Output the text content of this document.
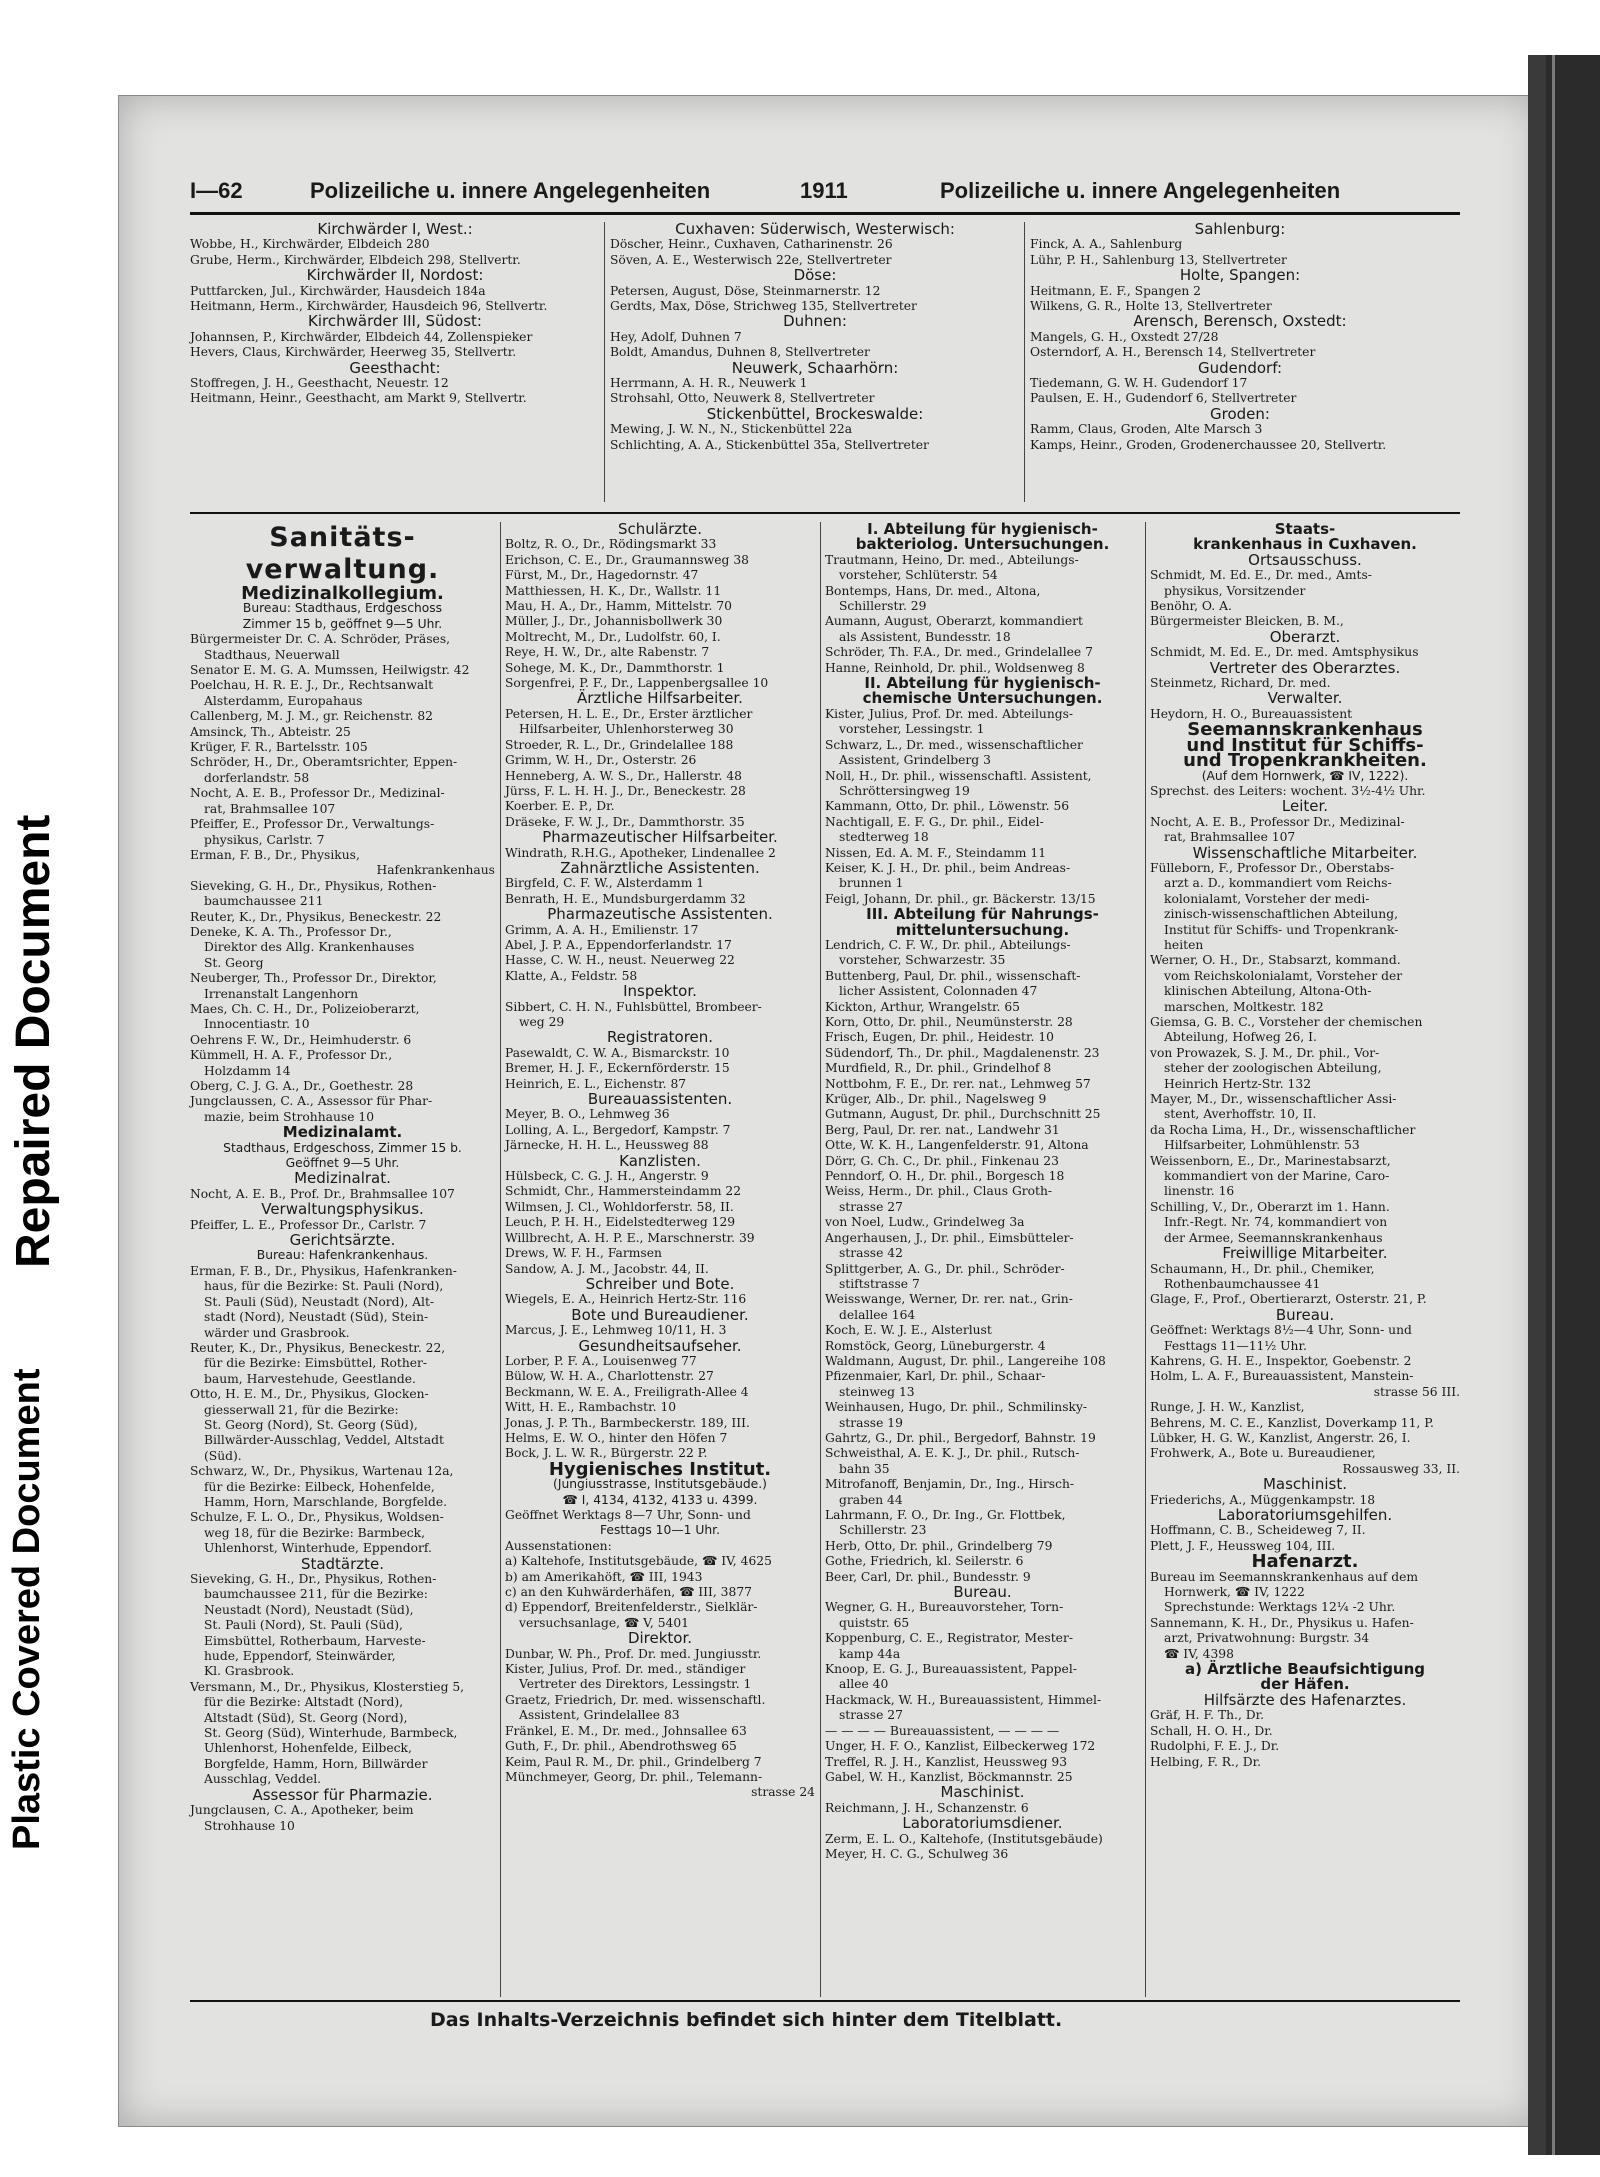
Plastic Covered Document
Repaired Document
I—62	Polizeiliche u. innere Angelegenheiten	1911	Polizeiliche u. innere Angelegenheiten

Kirchwärder I, West.:

Wobbe, H., Kirchwärder, Elbdeich 280

Grube, Herm., Kirchwärder, Elbdeich 298, Stellvertr.

Kirchwärder II, Nordost:

Puttfarcken, Jul., Kirchwärder, Hausdeich 184a

Heitmann, Herm., Kirchwärder, Hausdeich 96, Stellvertr.

Kirchwärder III, Südost:

Johannsen, P., Kirchwärder, Elbdeich 44, Zollenspieker

Hevers, Claus, Kirchwärder, Heerweg 35, Stellvertr.

Geesthacht:

Stoffregen, J. H., Geesthacht, Neuestr. 12

Heitmann, Heinr., Geesthacht, am Markt 9, Stellvertr.

Cuxhaven: Süderwisch, Westerwisch:

Döscher, Heinr., Cuxhaven, Catharinenstr. 26

Söven, A. E., Westerwisch 22e, Stellvertreter

Döse:

Petersen, August, Döse, Steinmarnerstr. 12

Gerdts, Max, Döse, Strichweg 135, Stellvertreter

Duhnen:

Hey, Adolf, Duhnen 7

Boldt, Amandus, Duhnen 8, Stellvertreter

Neuwerk, Schaarhörn:

Herrmann, A. H. R., Neuwerk 1

Strohsahl, Otto, Neuwerk 8, Stellvertreter

Stickenbüttel, Brockeswalde:

Mewing, J. W. N., N., Stickenbüttel 22a

Schlichting, A. A., Stickenbüttel 35a, Stellvertreter

Sahlenburg:

Finck, A. A., Sahlenburg

Lühr, P. H., Sahlenburg 13, Stellvertreter

Holte, Spangen:

Heitmann, E. F., Spangen 2

Wilkens, G. R., Holte 13, Stellvertreter

Arensch, Berensch, Oxstedt:

Mangels, G. H., Oxstedt 27/28

Osterndorf, A. H., Berensch 14, Stellvertreter

Gudendorf:

Tiedemann, G. W. H. Gudendorf 17

Paulsen, E. H., Gudendorf 6, Stellvertreter

Groden:

Ramm, Claus, Groden, Alte Marsch 3

Kamps, Heinr., Groden, Grodenerchaussee 20, Stellvertr.

Sanitäts-

verwaltung.

Medizinalkollegium.

Bureau: Stadthaus, Erdgeschoss

Zimmer 15 b, geöffnet 9—5 Uhr.

Bürgermeister Dr. C. A. Schröder, Präses,

Stadthaus, Neuerwall

Senator E. M. G. A. Mumssen, Heilwigstr. 42

Poelchau, H. R. E. J., Dr., Rechtsanwalt

Alsterdamm, Europahaus

Callenberg, M. J. M., gr. Reichenstr. 82

Amsinck, Th., Abteistr. 25

Krüger, F. R., Bartelsstr. 105

Schröder, H., Dr., Oberamtsrichter, Eppen-

dorferlandstr. 58

Nocht, A. E. B., Professor Dr., Medizinal-

rat, Brahmsallee 107

Pfeiffer, E., Professor Dr., Verwaltungs-

physikus, Carlstr. 7

Erman, F. B., Dr., Physikus,

Hafenkrankenhaus

Sieveking, G. H., Dr., Physikus, Rothen-

baumchaussee 211

Reuter, K., Dr., Physikus, Beneckestr. 22

Deneke, K. A. Th., Professor Dr.,

Direktor des Allg. Krankenhauses

St. Georg

Neuberger, Th., Professor Dr., Direktor,

Irrenanstalt Langenhorn

Maes, Ch. C. H., Dr., Polizeioberarzt,

Innocentiastr. 10

Oehrens F. W., Dr., Heimhuderstr. 6

Kümmell, H. A. F., Professor Dr.,

Holzdamm 14

Oberg, C. J. G. A., Dr., Goethestr. 28

Jungclaussen, C. A., Assessor für Phar-

mazie, beim Strohhause 10

Medizinalamt.

Stadthaus, Erdgeschoss, Zimmer 15 b.

Geöffnet 9—5 Uhr.

Medizinalrat.

Nocht, A. E. B., Prof. Dr., Brahmsallee 107

Verwaltungsphysikus.

Pfeiffer, L. E., Professor Dr., Carlstr. 7

Gerichtsärzte.

Bureau: Hafenkrankenhaus.

Erman, F. B., Dr., Physikus, Hafenkranken-

haus, für die Bezirke: St. Pauli (Nord),

St. Pauli (Süd), Neustadt (Nord), Alt-

stadt (Nord), Neustadt (Süd), Stein-

wärder und Grasbrook.

Reuter, K., Dr., Physikus, Beneckestr. 22,

für die Bezirke: Eimsbüttel, Rother-

baum, Harvestehude, Geestlande.

Otto, H. E. M., Dr., Physikus, Glocken-

giesserwall 21, für die Bezirke:

St. Georg (Nord), St. Georg (Süd),

Billwärder-Ausschlag, Veddel, Altstadt

(Süd).

Schwarz, W., Dr., Physikus, Wartenau 12a,

für die Bezirke: Eilbeck, Hohenfelde,

Hamm, Horn, Marschlande, Borgfelde.

Schulze, F. L. O., Dr., Physikus, Woldsen-

weg 18, für die Bezirke: Barmbeck,

Uhlenhorst, Winterhude, Eppendorf.

Stadtärzte.

Sieveking, G. H., Dr., Physikus, Rothen-

baumchaussee 211, für die Bezirke:

Neustadt (Nord), Neustadt (Süd),

St. Pauli (Nord), St. Pauli (Süd),

Eimsbüttel, Rotherbaum, Harveste-

hude, Eppendorf, Steinwärder,

Kl. Grasbrook.

Versmann, M., Dr., Physikus, Klosterstieg 5,

für die Bezirke: Altstadt (Nord),

Altstadt (Süd), St. Georg (Nord),

St. Georg (Süd), Winterhude, Barmbeck,

Uhlenhorst, Hohenfelde, Eilbeck,

Borgfelde, Hamm, Horn, Billwärder

Ausschlag, Veddel.

Assessor für Pharmazie.

Jungclausen, C. A., Apotheker, beim

Strohhause 10

Schulärzte.

Boltz, R. O., Dr., Rödingsmarkt 33

Erichson, C. E., Dr., Graumannsweg 38

Fürst, M., Dr., Hagedornstr. 47

Matthiessen, H. K., Dr., Wallstr. 11

Mau, H. A., Dr., Hamm, Mittelstr. 70

Müller, J., Dr., Johannisbollwerk 30

Moltrecht, M., Dr., Ludolfstr. 60, I.

Reye, H. W., Dr., alte Rabenstr. 7

Sohege, M. K., Dr., Dammthorstr. 1

Sorgenfrei, P. F., Dr., Lappenbergsallee 10

Ärztliche Hilfsarbeiter.

Petersen, H. L. E., Dr., Erster ärztlicher

Hilfsarbeiter, Uhlenhorsterweg 30

Stroeder, R. L., Dr., Grindelallee 188

Grimm, W. H., Dr., Osterstr. 26

Henneberg, A. W. S., Dr., Hallerstr. 48

Jürss, F. L. H. H. J., Dr., Beneckestr. 28

Koerber. E. P., Dr.

Dräseke, F. W. J., Dr., Dammthorstr. 35

Pharmazeutischer Hilfsarbeiter.

Windrath, R.H.G., Apotheker, Lindenallee 2

Zahnärztliche Assistenten.

Birgfeld, C. F. W., Alsterdamm 1

Benrath, H. E., Mundsburgerdamm 32

Pharmazeutische Assistenten.

Grimm, A. A. H., Emilienstr. 17

Abel, J. P. A., Eppendorferlandstr. 17

Hasse, C. W. H., neust. Neuerweg 22

Klatte, A., Feldstr. 58

Inspektor.

Sibbert, C. H. N., Fuhlsbüttel, Brombeer-

weg 29

Registratoren.

Pasewaldt, C. W. A., Bismarckstr. 10

Bremer, H. J. F., Eckernförderstr. 15

Heinrich, E. L., Eichenstr. 87

Bureauassistenten.

Meyer, B. O., Lehmweg 36

Lolling, A. L., Bergedorf, Kampstr. 7

Järnecke, H. H. L., Heussweg 88

Kanzlisten.

Hülsbeck, C. G. J. H., Angerstr. 9

Schmidt, Chr., Hammersteindamm 22

Wilmsen, J. Cl., Wohldorferstr. 58, II.

Leuch, P. H. H., Eidelstedterweg 129

Willbrecht, A. H. P. E., Marschnerstr. 39

Drews, W. F. H., Farmsen

Sandow, A. J. M., Jacobstr. 44, II.

Schreiber und Bote.

Wiegels, E. A., Heinrich Hertz-Str. 116

Bote und Bureaudiener.

Marcus, J. E., Lehmweg 10/11, H. 3

Gesundheitsaufseher.

Lorber, P. F. A., Louisenweg 77

Bülow, W. H. A., Charlottenstr. 27

Beckmann, W. E. A., Freiligrath-Allee 4

Witt, H. E., Rambachstr. 10

Jonas, J. P. Th., Barmbeckerstr. 189, III.

Helms, E. W. O., hinter den Höfen 7

Bock, J. L. W. R., Bürgerstr. 22 P.

Hygienisches Institut.

(Jungiusstrasse, Institutsgebäude.)

☎ I, 4134, 4132, 4133 u. 4399.

Geöffnet Werktags 8—7 Uhr, Sonn- und

Festtags 10—1 Uhr.

Aussenstationen:

a) Kaltehofe, Institutsgebäude, ☎ IV, 4625

b) am Amerikahöft, ☎ III, 1943

c) an den Kuhwärderhäfen, ☎ III, 3877

d) Eppendorf, Breitenfelderstr., Sielklär-

versuchsanlage, ☎ V, 5401

Direktor.

Dunbar, W. Ph., Prof. Dr. med. Jungiusstr.

Kister, Julius, Prof. Dr. med., ständiger

Vertreter des Direktors, Lessingstr. 1

Graetz, Friedrich, Dr. med. wissenschaftl.

Assistent, Grindelallee 83

Fränkel, E. M., Dr. med., Johnsallee 63

Guth, F., Dr. phil., Abendrothsweg 65

Keim, Paul R. M., Dr. phil., Grindelberg 7

Münchmeyer, Georg, Dr. phil., Telemann-

strasse 24

I. Abteilung für hygienisch-

bakteriolog. Untersuchungen.

Trautmann, Heino, Dr. med., Abteilungs-

vorsteher, Schlüterstr. 54

Bontemps, Hans, Dr. med., Altona,

Schillerstr. 29

Aumann, August, Oberarzt, kommandiert

als Assistent, Bundesstr. 18

Schröder, Th. F.A., Dr. med., Grindelallee 7

Hanne, Reinhold, Dr. phil., Woldsenweg 8

II. Abteilung für hygienisch-

chemische Untersuchungen.

Kister, Julius, Prof. Dr. med. Abteilungs-

vorsteher, Lessingstr. 1

Schwarz, L., Dr. med., wissenschaftlicher

Assistent, Grindelberg 3

Noll, H., Dr. phil., wissenschaftl. Assistent,

Schröttersingweg 19

Kammann, Otto, Dr. phil., Löwenstr. 56

Nachtigall, E. F. G., Dr. phil., Eidel-

stedterweg 18

Nissen, Ed. A. M. F., Steindamm 11

Keiser, K. J. H., Dr. phil., beim Andreas-

brunnen 1

Feigl, Johann, Dr. phil., gr. Bäckerstr. 13/15

III. Abteilung für Nahrungs-

mitteluntersuchung.

Lendrich, C. F. W., Dr. phil., Abteilungs-

vorsteher, Schwarzestr. 35

Buttenberg, Paul, Dr. phil., wissenschaft-

licher Assistent, Colonnaden 47

Kickton, Arthur, Wrangelstr. 65

Korn, Otto, Dr. phil., Neumünsterstr. 28

Frisch, Eugen, Dr. phil., Heidestr. 10

Südendorf, Th., Dr. phil., Magdalenenstr. 23

Murdfield, R., Dr. phil., Grindelhof 8

Nottbohm, F. E., Dr. rer. nat., Lehmweg 57

Krüger, Alb., Dr. phil., Nagelsweg 9

Gutmann, August, Dr. phil., Durchschnitt 25

Berg, Paul, Dr. rer. nat., Landwehr 31

Otte, W. K. H., Langenfelderstr. 91, Altona

Dörr, G. Ch. C., Dr. phil., Finkenau 23

Penndorf, O. H., Dr. phil., Borgesch 18

Weiss, Herm., Dr. phil., Claus Groth-

strasse 27

von Noel, Ludw., Grindelweg 3a

Angerhausen, J., Dr. phil., Eimsbütteler-

strasse 42

Splittgerber, A. G., Dr. phil., Schröder-

stiftstrasse 7

Weisswange, Werner, Dr. rer. nat., Grin-

delallee 164

Koch, E. W. J. E., Alsterlust

Romstöck, Georg, Lüneburgerstr. 4

Waldmann, August, Dr. phil., Langereihe 108

Pfizenmaier, Karl, Dr. phil., Schaar-

steinweg 13

Weinhausen, Hugo, Dr. phil., Schmilinsky-

strasse 19

Gahrtz, G., Dr. phil., Bergedorf, Bahnstr. 19

Schweisthal, A. E. K. J., Dr. phil., Rutsch-

bahn 35

Mitrofanoff, Benjamin, Dr., Ing., Hirsch-

graben 44

Lahrmann, F. O., Dr. Ing., Gr. Flottbek,

Schillerstr. 23

Herb, Otto, Dr. phil., Grindelberg 79

Gothe, Friedrich, kl. Seilerstr. 6

Beer, Carl, Dr. phil., Bundesstr. 9

Bureau.

Wegner, G. H., Bureauvorsteher, Torn-

quiststr. 65

Koppenburg, C. E., Registrator, Mester-

kamp 44a

Knoop, E. G. J., Bureauassistent, Pappel-

allee 40

Hackmack, W. H., Bureauassistent, Himmel-

strasse 27

— — — — Bureauassistent, — — — —

Unger, H. F. O., Kanzlist, Eilbeckerweg 172

Treffel, R. J. H., Kanzlist, Heussweg 93

Gabel, W. H., Kanzlist, Böckmannstr. 25

Maschinist.

Reichmann, J. H., Schanzenstr. 6

Laboratoriumsdiener.

Zerm, E. L. O., Kaltehofe, (Institutsgebäude)

Meyer, H. C. G., Schulweg 36

Staats-

krankenhaus in Cuxhaven.

Ortsausschuss.

Schmidt, M. Ed. E., Dr. med., Amts-

physikus, Vorsitzender

Benöhr, O. A.

Bürgermeister Bleicken, B. M.,

Oberarzt.

Schmidt, M. Ed. E., Dr. med. Amtsphysikus

Vertreter des Oberarztes.

Steinmetz, Richard, Dr. med.

Verwalter.

Heydorn, H. O., Bureauassistent

Seemannskrankenhaus

und Institut für Schiffs-

und Tropenkrankheiten.

(Auf dem Hornwerk, ☎ IV, 1222).

Sprechst. des Leiters: wochent. 3½-4½ Uhr.

Leiter.

Nocht, A. E. B., Professor Dr., Medizinal-

rat, Brahmsallee 107

Wissenschaftliche Mitarbeiter.

Fülleborn, F., Professor Dr., Oberstabs-

arzt a. D., kommandiert vom Reichs-

kolonialamt, Vorsteher der medi-

zinisch-wissenschaftlichen Abteilung,

Institut für Schiffs- und Tropenkrank-

heiten

Werner, O. H., Dr., Stabsarzt, kommand.

vom Reichskolonialamt, Vorsteher der

klinischen Abteilung, Altona-Oth-

marschen, Moltkestr. 182

Giemsa, G. B. C., Vorsteher der chemischen

Abteilung, Hofweg 26, I.

von Prowazek, S. J. M., Dr. phil., Vor-

steher der zoologischen Abteilung,

Heinrich Hertz-Str. 132

Mayer, M., Dr., wissenschaftlicher Assi-

stent, Averhoffstr. 10, II.

da Rocha Lima, H., Dr., wissenschaftlicher

Hilfsarbeiter, Lohmühlenstr. 53

Weissenborn, E., Dr., Marinestabsarzt,

kommandiert von der Marine, Caro-

linenstr. 16

Schilling, V., Dr., Oberarzt im 1. Hann.

Infr.-Regt. Nr. 74, kommandiert von

der Armee, Seemannskrankenhaus

Freiwillige Mitarbeiter.

Schaumann, H., Dr. phil., Chemiker,

Rothenbaumchaussee 41

Glage, F., Prof., Obertierarzt, Osterstr. 21, P.

Bureau.

Geöffnet: Werktags 8½—4 Uhr, Sonn- und

Festtags 11—11½ Uhr.

Kahrens, G. H. E., Inspektor, Goebenstr. 2

Holm, L. A. F., Bureauassistent, Manstein-

strasse 56 III.

Runge, J. H. W., Kanzlist,

Behrens, M. C. E., Kanzlist, Doverkamp 11, P.

Lübker, H. G. W., Kanzlist, Angerstr. 26, I.

Frohwerk, A., Bote u. Bureaudiener,

Rossausweg 33, II.

Maschinist.

Friederichs, A., Müggenkampstr. 18

Laboratoriumsgehilfen.

Hoffmann, C. B., Scheideweg 7, II.

Plett, J. F., Heussweg 104, III.

Hafenarzt.

Bureau im Seemannskrankenhaus auf dem

Hornwerk, ☎ IV, 1222

Sprechstunde: Werktags 12¼ -2 Uhr.

Sannemann, K. H., Dr., Physikus u. Hafen-

arzt, Privatwohnung: Burgstr. 34

☎ IV, 4398

a) Ärztliche Beaufsichtigung

der Häfen.

Hilfsärzte des Hafenarztes.

Gräf, H. F. Th., Dr.

Schall, H. O. H., Dr.

Rudolphi, F. E. J., Dr.

Helbing, F. R., Dr.

Das Inhalts-Verzeichnis befindet sich hinter dem Titelblatt.
